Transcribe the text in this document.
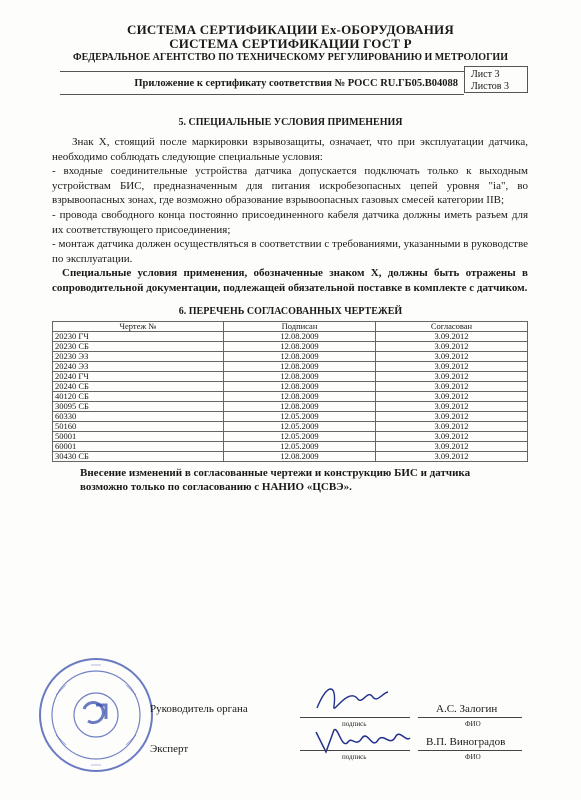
СИСТЕМА СЕРТИФИКАЦИИ Ex-ОБОРУДОВАНИЯ
СИСТЕМА СЕРТИФИКАЦИИ ГОСТ Р
ФЕДЕРАЛЬНОЕ АГЕНТСТВО ПО ТЕХНИЧЕСКОМУ РЕГУЛИРОВАНИЮ И МЕТРОЛОГИИ
Приложение к сертификату соответствия № РОСС RU.ГБ05.В04088
Лист 3
Листов 3
5. СПЕЦИАЛЬНЫЕ УСЛОВИЯ ПРИМЕНЕНИЯ
Знак X, стоящий после маркировки взрывозащиты, означает, что при эксплуатации датчика, необходимо соблюдать следующие специальные условия:
- входные соединительные устройства датчика допускается подключать только к выходным устройствам БИС, предназначенным для питания искробезопасных цепей уровня "ia", во взрывоопасных зонах, где возможно образование взрывоопасных газовых смесей категории IIВ;
- провода свободного конца постоянно присоединенного кабеля датчика должны иметь разъем для их соответствующего присоединения;
- монтаж датчика должен осуществляться в соответствии с требованиями, указанными в руководстве по эксплуатации.
Специальные условия применения, обозначенные знаком X, должны быть отражены в сопроводительной документации, подлежащей обязательной поставке в комплекте с датчиком.
6. ПЕРЕЧЕНЬ СОГЛАСОВАННЫХ ЧЕРТЕЖЕЙ
Чертеж №	Подписан	Согласован
20230 ГЧ	12.08.2009	3.09.2012
20230 СБ	12.08.2009	3.09.2012
20230 ЭЗ	12.08.2009	3.09.2012
20240 ЭЗ	12.08.2009	3.09.2012
20240 ГЧ	12.08.2009	3.09.2012
20240 СБ	12.08.2009	3.09.2012
40120 СБ	12.08.2009	3.09.2012
30095 СБ	12.08.2009	3.09.2012
60330	12.05.2009	3.09.2012
50160	12.05.2009	3.09.2012
50001	12.05.2009	3.09.2012
60001	12.05.2009	3.09.2012
30430 СБ	12.08.2009	3.09.2012
Внесение изменений в согласованные чертежи и конструкцию БИС и датчика возможно только по согласованию с НАНИО «ЦСВЭ».
Руководитель органа
подпись
А.С. Залогин
ФИО
Эксперт
подпись
В.П. Виноградов
ФИО
